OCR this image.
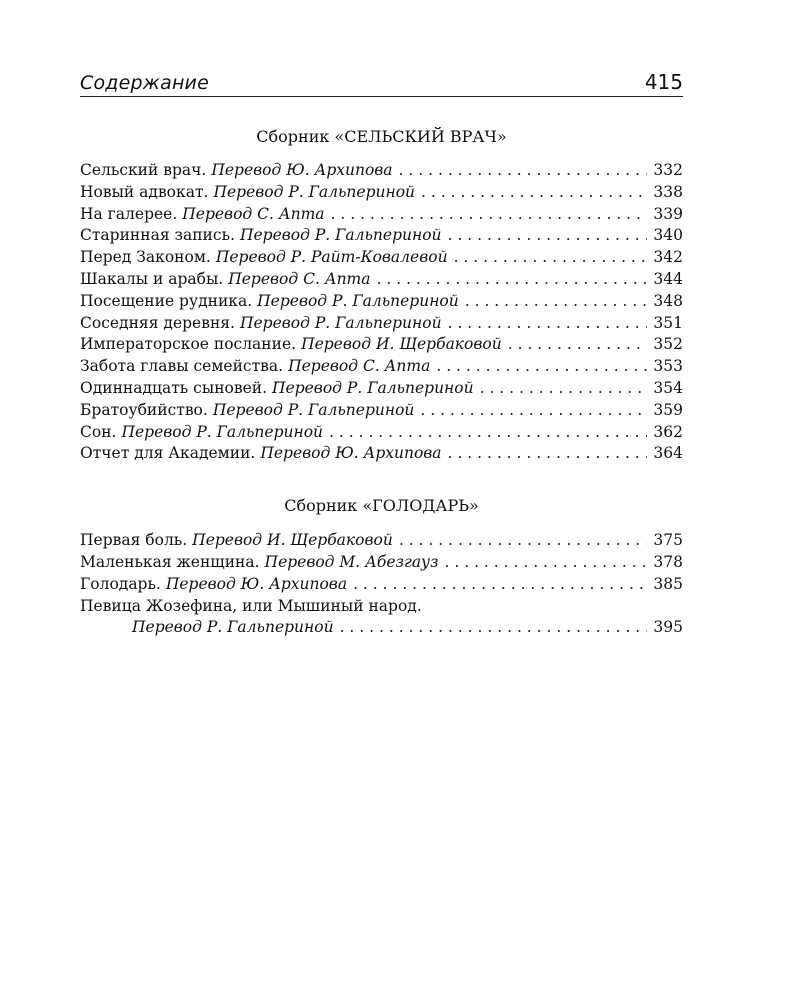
Содержание	415
Сборник «СЕЛЬСКИЙ ВРАЧ»
Сельский врач. Перевод Ю. Архипова . . .	332
Новый адвокат. Перевод Р. Гальпериной . . .	338
На галерее. Перевод С. Апта . . .	339
Старинная запись. Перевод Р. Гальпериной . . .	340
Перед Законом. Перевод Р. Райт-Ковалевой . . .	342
Шакалы и арабы. Перевод С. Апта . . .	344
Посещение рудника. Перевод Р. Гальпериной . . .	348
Соседняя деревня. Перевод Р. Гальпериной . . .	351
Императорское послание. Перевод И. Щербаковой . . .	352
Забота главы семейства. Перевод С. Апта . . .	353
Одиннадцать сыновей. Перевод Р. Гальпериной . . .	354
Братоубийство. Перевод Р. Гальпериной . . .	359
Сон. Перевод Р. Гальпериной . . .	362
Отчет для Академии. Перевод Ю. Архипова . . .	364
Сборник «ГОЛОДАРЬ»
Первая боль. Перевод И. Щербаковой . . .	375
Маленькая женщина. Перевод М. Абезгауз . . .	378
Голодарь. Перевод Ю. Архипова . . .	385
Певица Жозефина, или Мышиный народ.
Перевод Р. Гальпериной . . .	395
